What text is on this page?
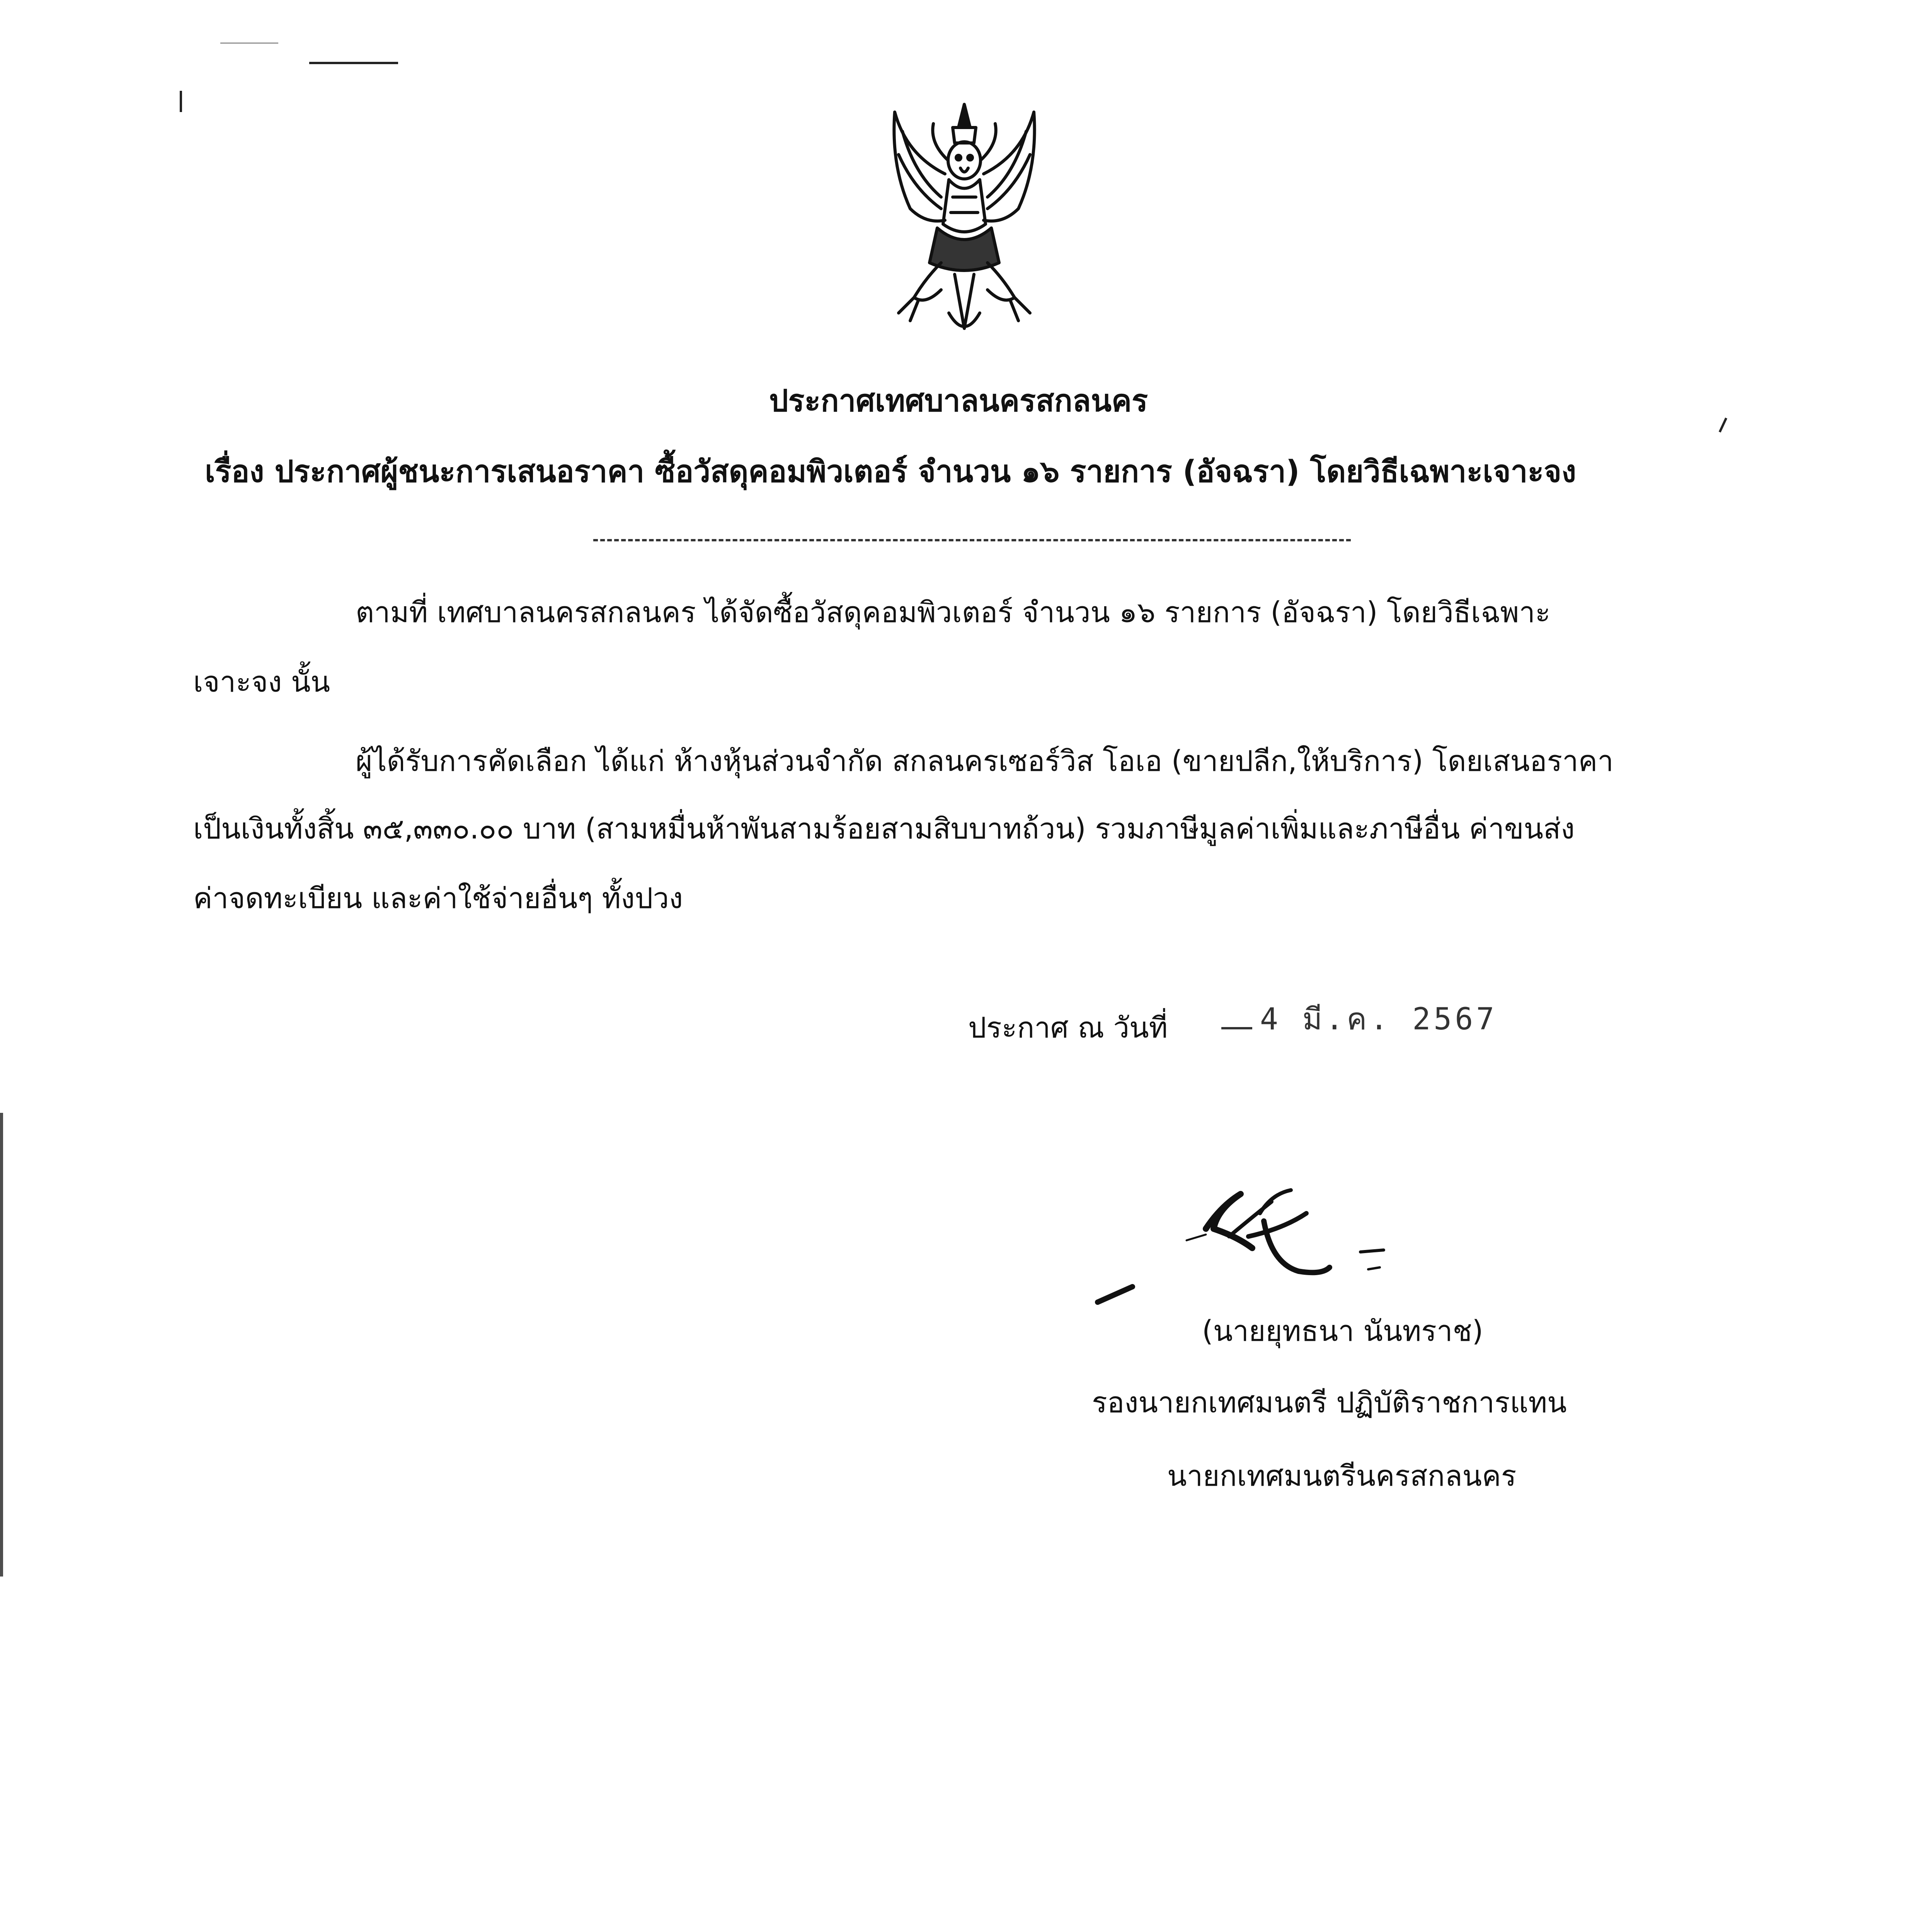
ประกาศเทศบาลนครสกลนคร
เรื่อง ประกาศผู้ชนะการเสนอราคา ซื้อวัสดุคอมพิวเตอร์ จำนวน ๑๖ รายการ (อัจฉรา) โดยวิธีเฉพาะเจาะจง
ตามที่ เทศบาลนครสกลนคร ได้จัดซื้อวัสดุคอมพิวเตอร์ จำนวน ๑๖ รายการ (อัจฉรา) โดยวิธีเฉพาะ
เจาะจง นั้น
ผู้ได้รับการคัดเลือก ได้แก่ ห้างหุ้นส่วนจำกัด สกลนครเซอร์วิส โอเอ (ขายปลีก,ให้บริการ) โดยเสนอราคา
เป็นเงินทั้งสิ้น ๓๕,๓๓๐.๐๐ บาท (สามหมื่นห้าพันสามร้อยสามสิบบาทถ้วน) รวมภาษีมูลค่าเพิ่มและภาษีอื่น ค่าขนส่ง
ค่าจดทะเบียน และค่าใช้จ่ายอื่นๆ ทั้งปวง
ประกาศ ณ วันที่	4 มี.ค. 2567
(นายยุทธนา นันทราช)
รองนายกเทศมนตรี ปฏิบัติราชการแทน
นายกเทศมนตรีนครสกลนคร
